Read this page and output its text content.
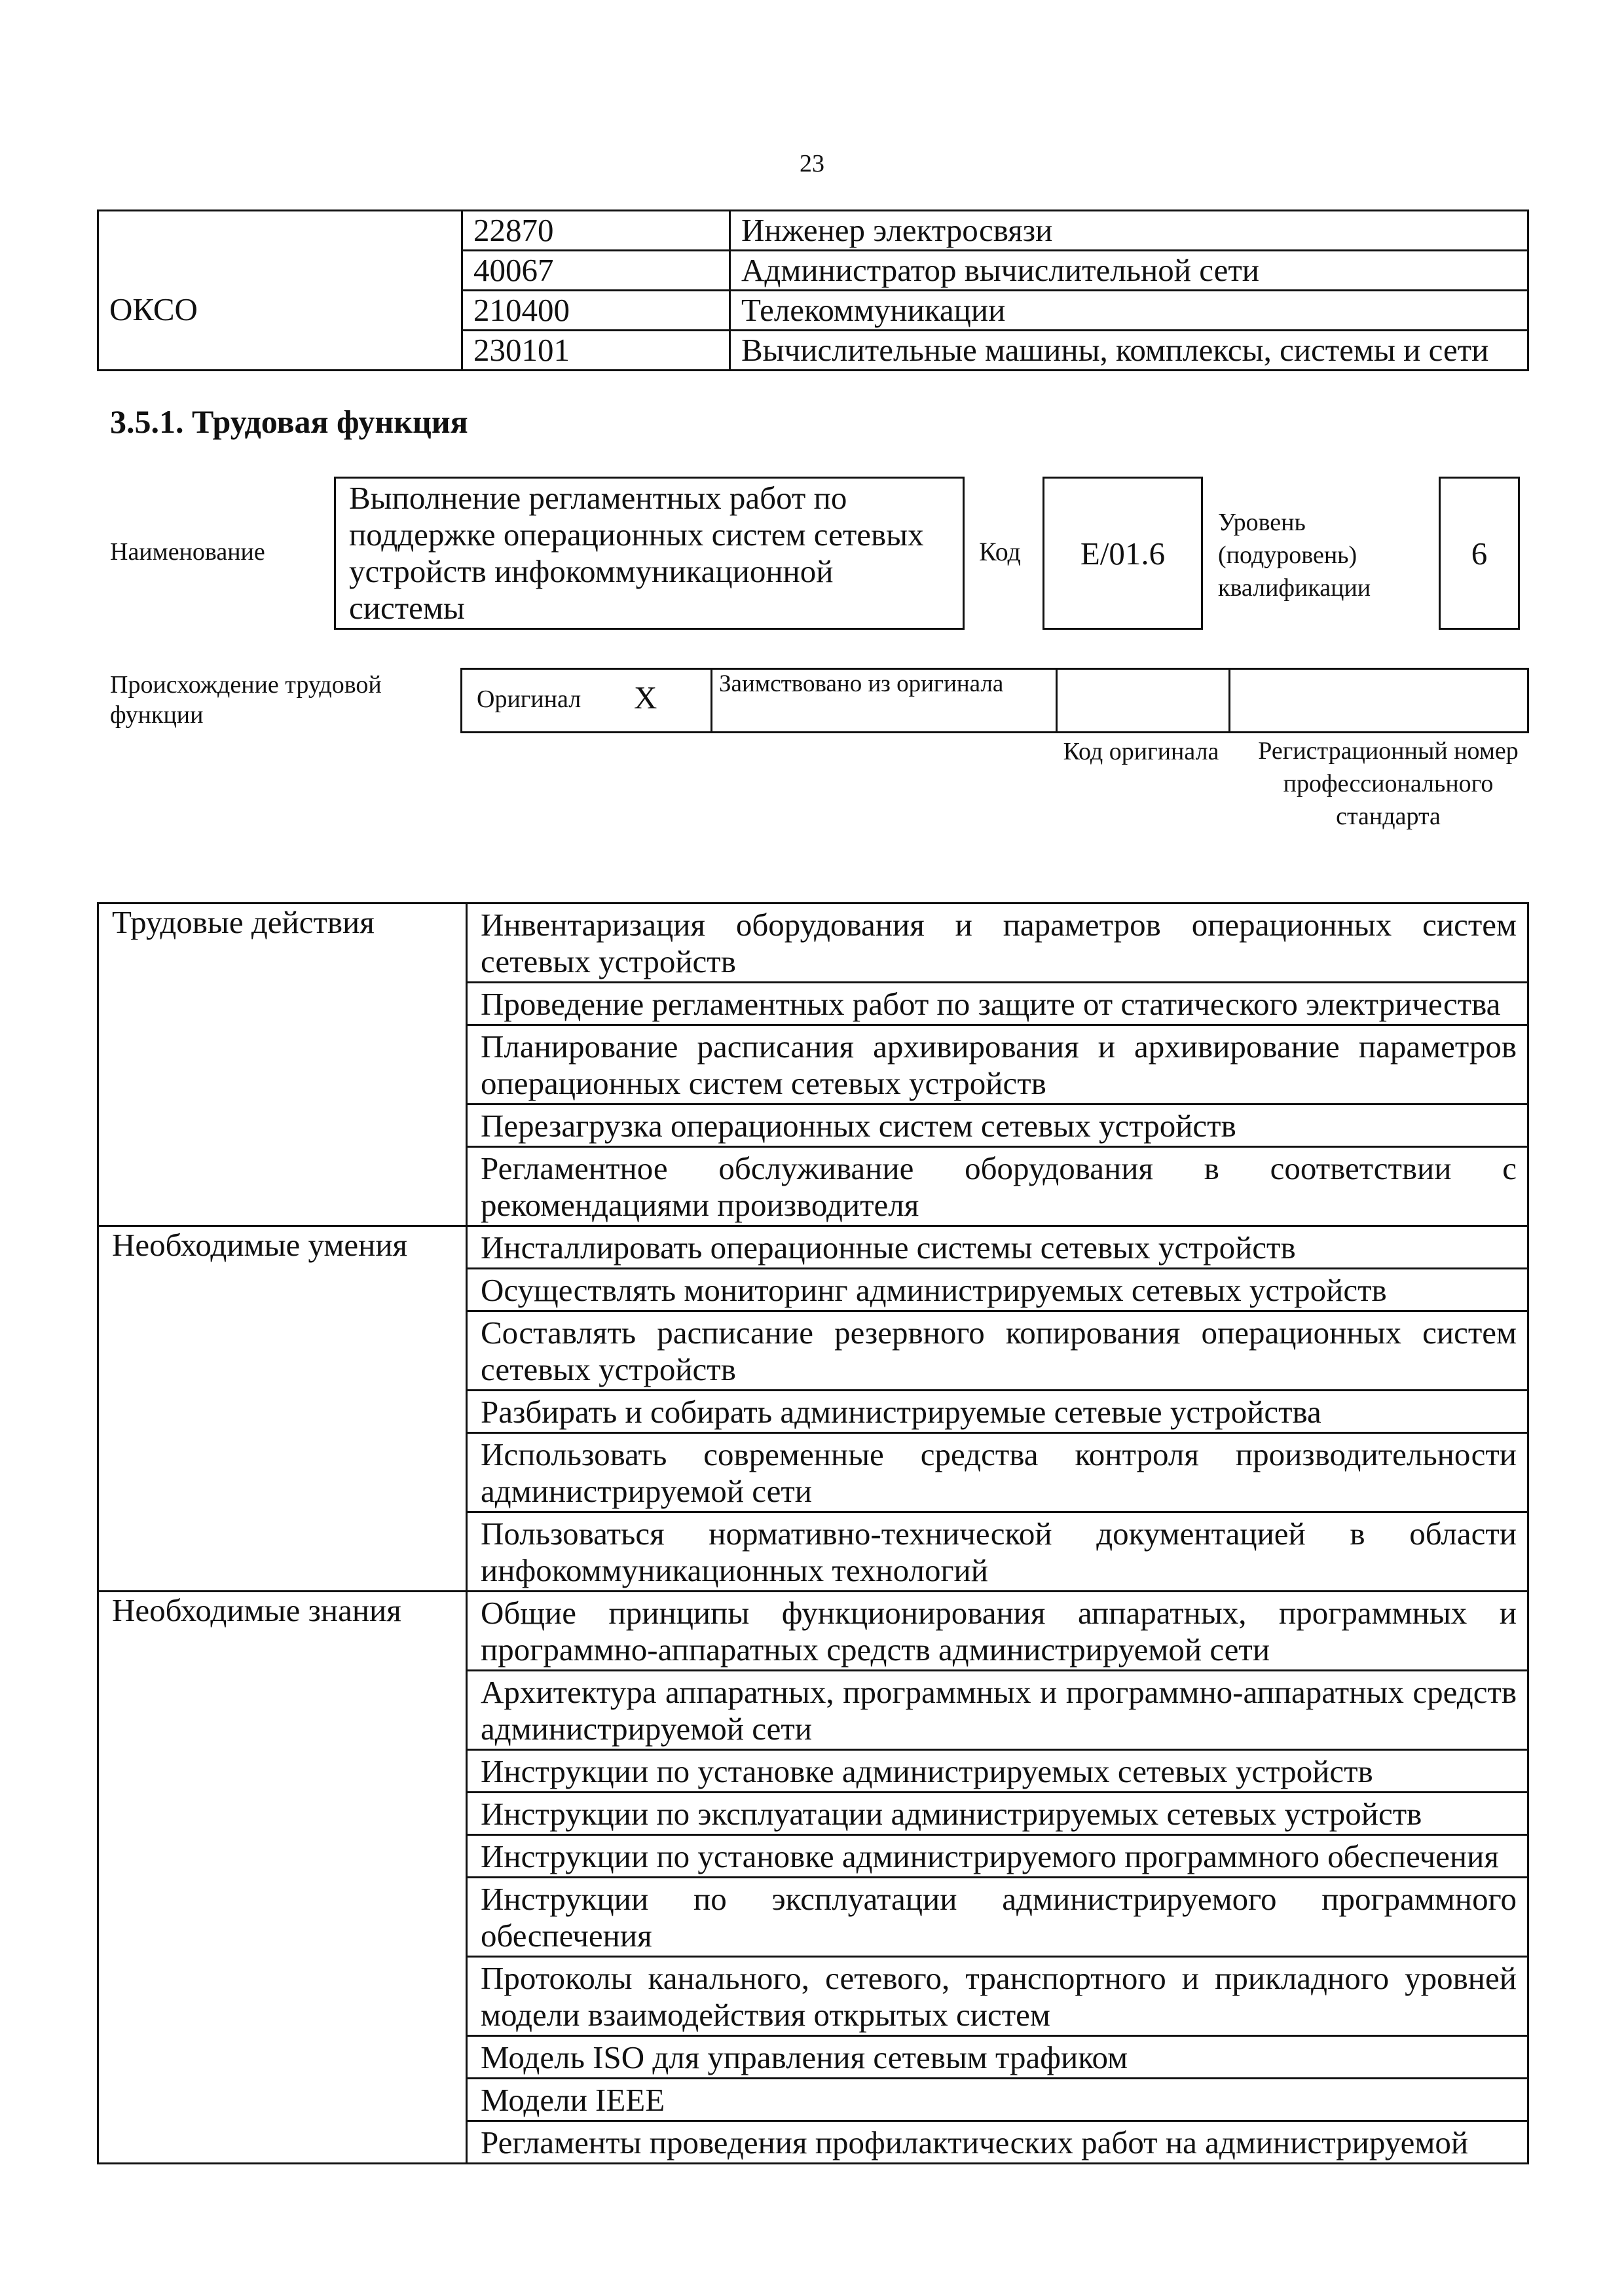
23
	22870	Инженер электросвязи
	40067	Администратор вычислительной сети
ОКСО	210400	Телекоммуникации
	230101	Вычислительные машины, комплексы, системы и сети
3.5.1. Трудовая функция
Наименование
Выполнение регламентных работ по поддержке операционных систем сетевых устройств инфокоммуникационной системы
Код	E/01.6
Уровень (подуровень) квалификации
6
Происхождение трудовой функции
Оригинал X	Заимствовано из оригинала
Код оригинала	Регистрационный номер профессионального стандарта
Трудовые действия	Инвентаризация оборудования и параметров операционных систем сетевых устройств
	Проведение регламентных работ по защите от статического электричества
	Планирование расписания архивирования и архивирование параметров операционных систем сетевых устройств
	Перезагрузка операционных систем сетевых устройств
	Регламентное обслуживание оборудования в соответствии с рекомендациями производителя
Необходимые умения	Инсталлировать операционные системы сетевых устройств
	Осуществлять мониторинг администрируемых сетевых устройств
	Составлять расписание резервного копирования операционных систем сетевых устройств
	Разбирать и собирать администрируемые сетевые устройства
	Использовать современные средства контроля производительности администрируемой сети
	Пользоваться нормативно-технической документацией в области инфокоммуникационных технологий
Необходимые знания	Общие принципы функционирования аппаратных, программных и программно-аппаратных средств администрируемой сети
	Архитектура аппаратных, программных и программно-аппаратных средств администрируемой сети
	Инструкции по установке администрируемых сетевых устройств
	Инструкции по эксплуатации администрируемых сетевых устройств
	Инструкции по установке администрируемого программного обеспечения
	Инструкции по эксплуатации администрируемого программного обеспечения
	Протоколы канального, сетевого, транспортного и прикладного уровней модели взаимодействия открытых систем
	Модель ISO для управления сетевым трафиком
	Модели IEEE
	Регламенты проведения профилактических работ на администрируемой
